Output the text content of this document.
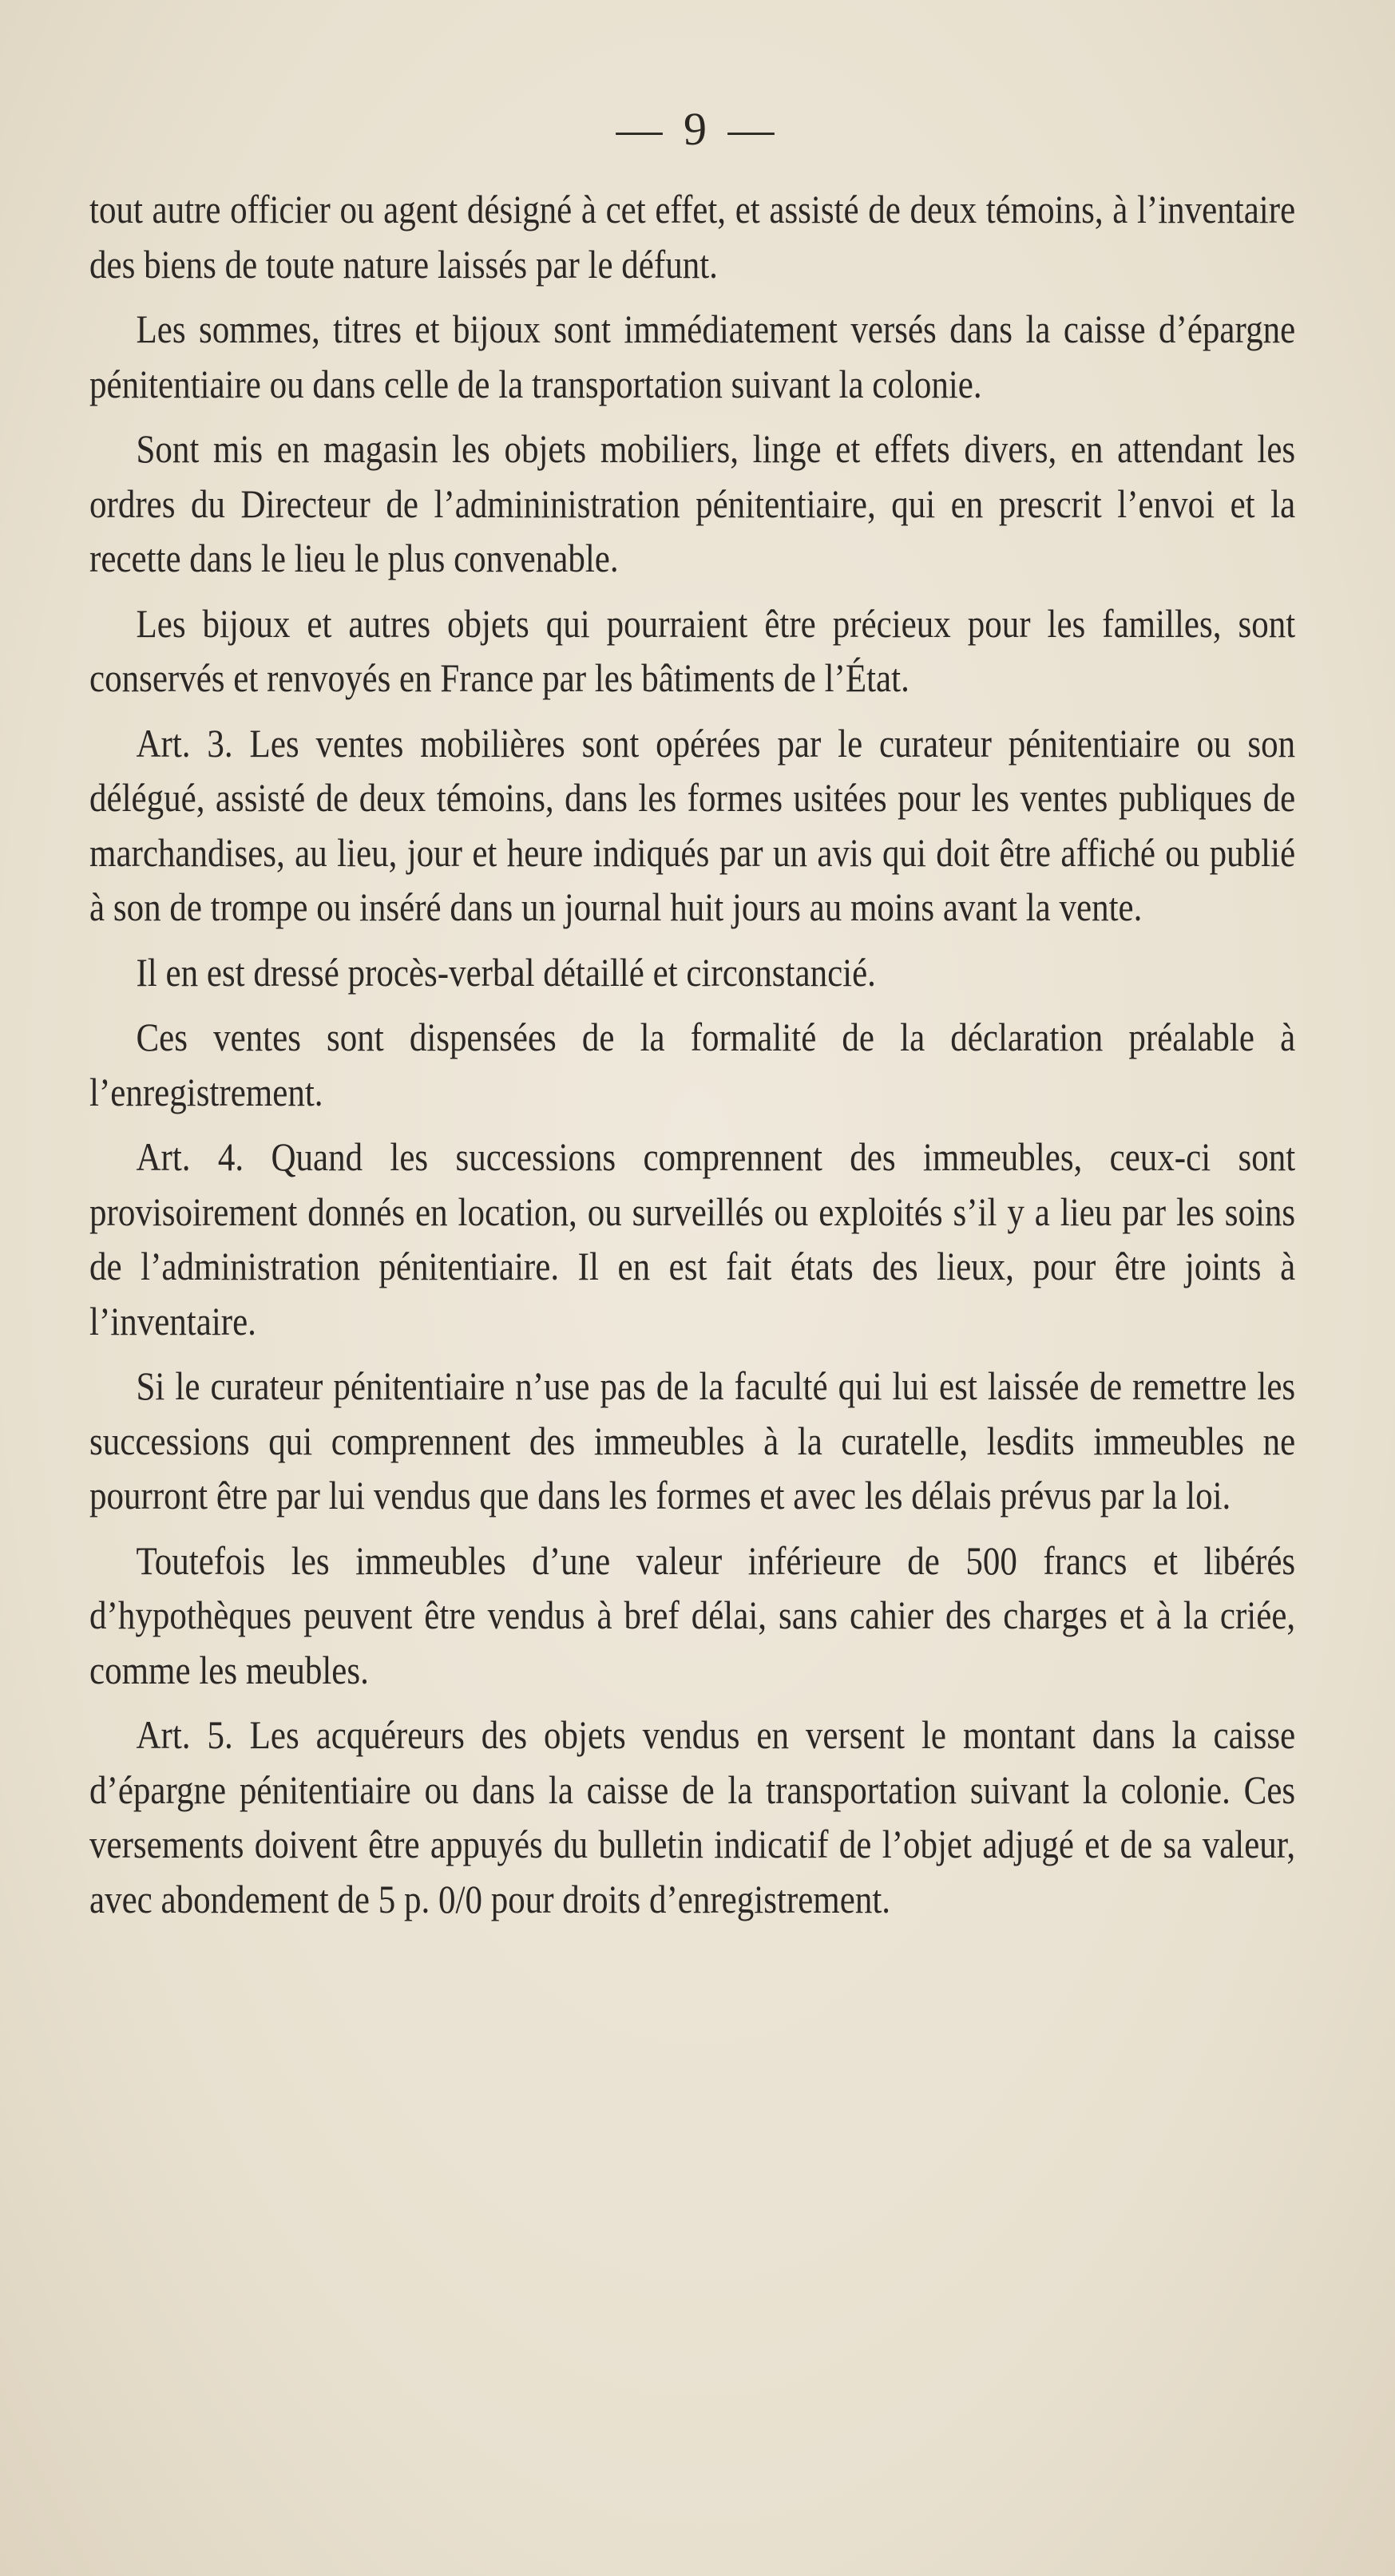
— 9 —

tout autre officier ou agent désigné à cet effet, et assisté de deux témoins, à l’inventaire des biens de toute nature laissés par le défunt.

Les sommes, titres et bijoux sont immédiatement versés dans la caisse d’épargne pénitentiaire ou dans celle de la transportation suivant la colonie.

Sont mis en magasin les objets mobiliers, linge et effets divers, en attendant les ordres du Directeur de l’admininistration pénitentiaire, qui en prescrit l’envoi et la recette dans le lieu le plus convenable.

Les bijoux et autres objets qui pourraient être précieux pour les familles, sont conservés et renvoyés en France par les bâtiments de l’État.

Art. 3. Les ventes mobilières sont opérées par le curateur pénitentiaire ou son délégué, assisté de deux témoins, dans les formes usitées pour les ventes publiques de marchandises, au lieu, jour et heure indiqués par un avis qui doit être affiché ou publié à son de trompe ou inséré dans un journal huit jours au moins avant la vente.

Il en est dressé procès-verbal détaillé et circonstancié.

Ces ventes sont dispensées de la formalité de la déclaration préalable à l’enregistrement.

Art. 4. Quand les successions comprennent des immeubles, ceux-ci sont provisoirement donnés en location, ou surveillés ou exploités s’il y a lieu par les soins de l’administration pénitentiaire. Il en est fait états des lieux, pour être joints à l’inventaire.

Si le curateur pénitentiaire n’use pas de la faculté qui lui est laissée de remettre les successions qui comprennent des immeubles à la curatelle, lesdits immeubles ne pourront être par lui vendus que dans les formes et avec les délais prévus par la loi.

Toutefois les immeubles d’une valeur inférieure de 500 francs et libérés d’hypothèques peuvent être vendus à bref délai, sans cahier des charges et à la criée, comme les meubles.

Art. 5. Les acquéreurs des objets vendus en versent le montant dans la caisse d’épargne pénitentiaire ou dans la caisse de la transportation suivant la colonie. Ces versements doivent être appuyés du bulletin indicatif de l’objet adjugé et de sa valeur, avec abondement de 5 p. 0/0 pour droits d’enregistrement.
